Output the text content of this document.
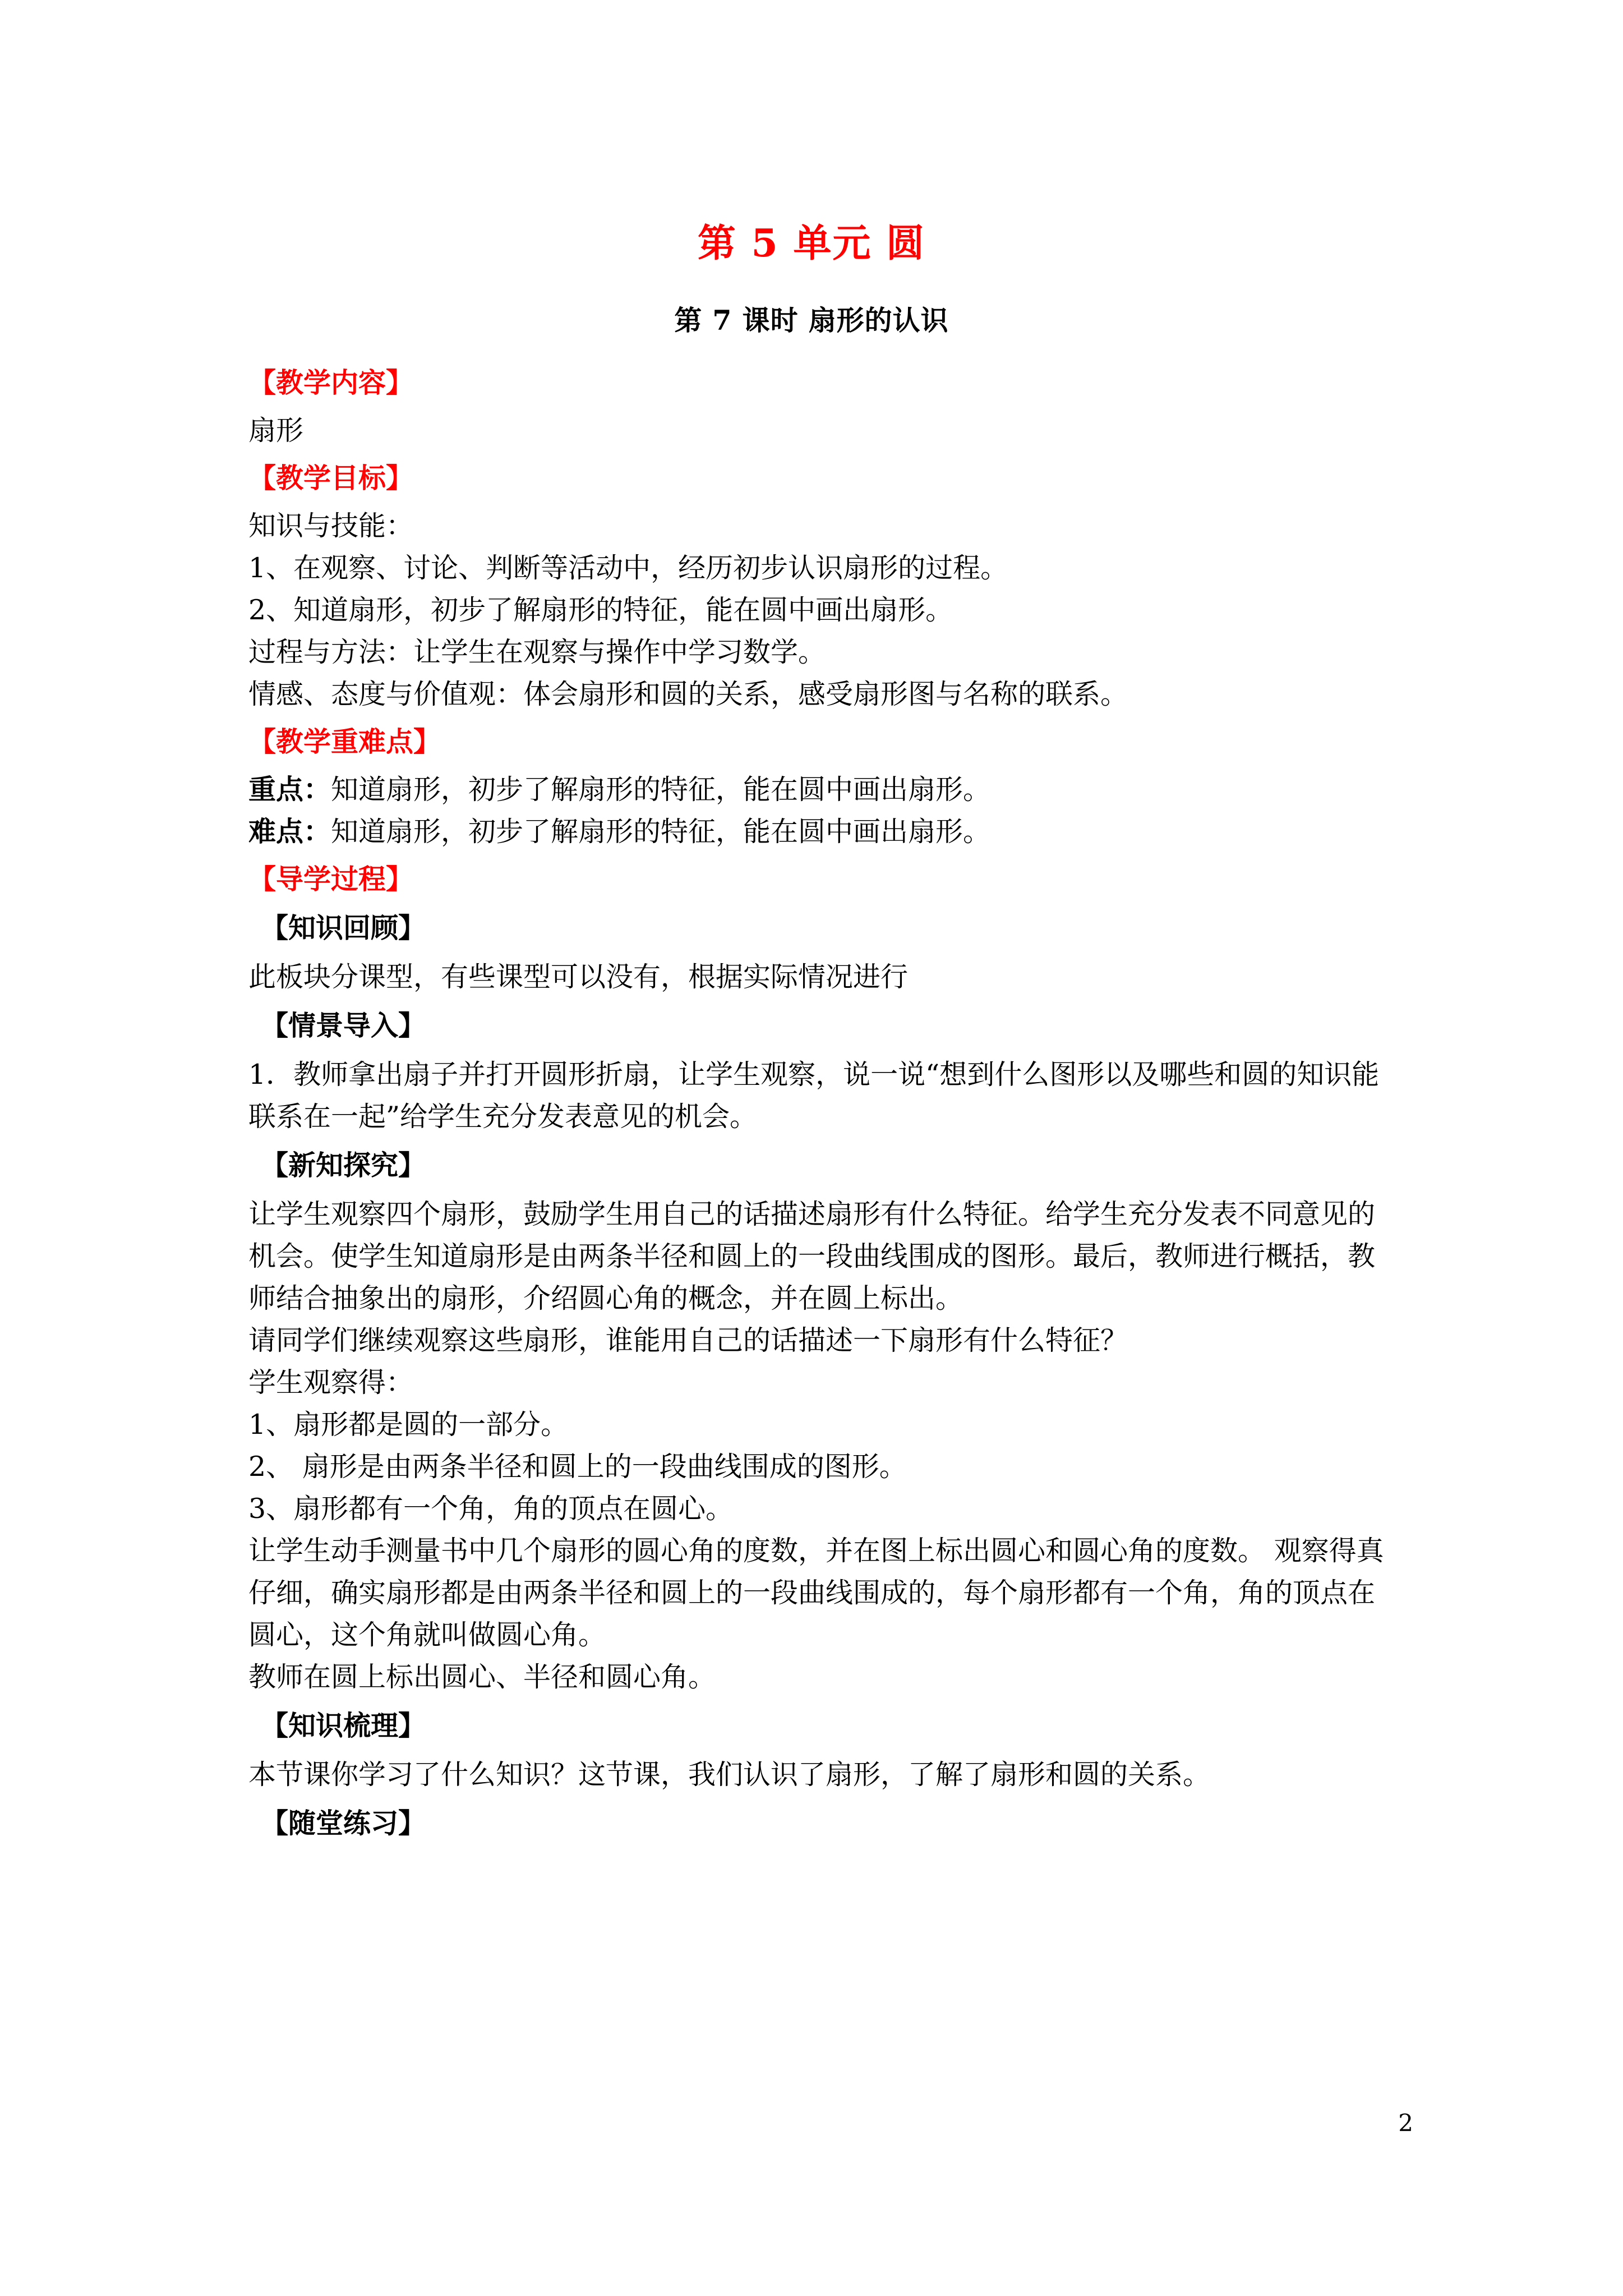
第 5 单元 圆
第 7 课时 扇形的认识

【教学内容】

扇形

【教学目标】

知识与技能：

1、在观察、讨论、判断等活动中，经历初步认识扇形的过程。

2、知道扇形，初步了解扇形的特征，能在圆中画出扇形。

过程与方法：让学生在观察与操作中学习数学。

情感、态度与价值观：体会扇形和圆的关系，感受扇形图与名称的联系。

【教学重难点】

重点：知道扇形，初步了解扇形的特征，能在圆中画出扇形。

难点：知道扇形，初步了解扇形的特征，能在圆中画出扇形。

【导学过程】

【知识回顾】

此板块分课型，有些课型可以没有，根据实际情况进行

【情景导入】

1．教师拿出扇子并打开圆形折扇，让学生观察，说一说“想到什么图形以及哪些和圆的知识能联系在一起”给学生充分发表意见的机会。

【新知探究】

让学生观察四个扇形，鼓励学生用自己的话描述扇形有什么特征。给学生充分发表不同意见的机会。使学生知道扇形是由两条半径和圆上的一段曲线围成的图形。最后，教师进行概括，教师结合抽象出的扇形，介绍圆心角的概念，并在圆上标出。

请同学们继续观察这些扇形，谁能用自己的话描述一下扇形有什么特征？

学生观察得：

1、扇形都是圆的一部分。

2、 扇形是由两条半径和圆上的一段曲线围成的图形。

3、扇形都有一个角，角的顶点在圆心。

让学生动手测量书中几个扇形的圆心角的度数，并在图上标出圆心和圆心角的度数。 观察得真仔细，确实扇形都是由两条半径和圆上的一段曲线围成的，每个扇形都有一个角，角的顶点在圆心，这个角就叫做圆心角。

教师在圆上标出圆心、半径和圆心角。

【知识梳理】

本节课你学习了什么知识？这节课，我们认识了扇形，了解了扇形和圆的关系。

【随堂练习】

2
